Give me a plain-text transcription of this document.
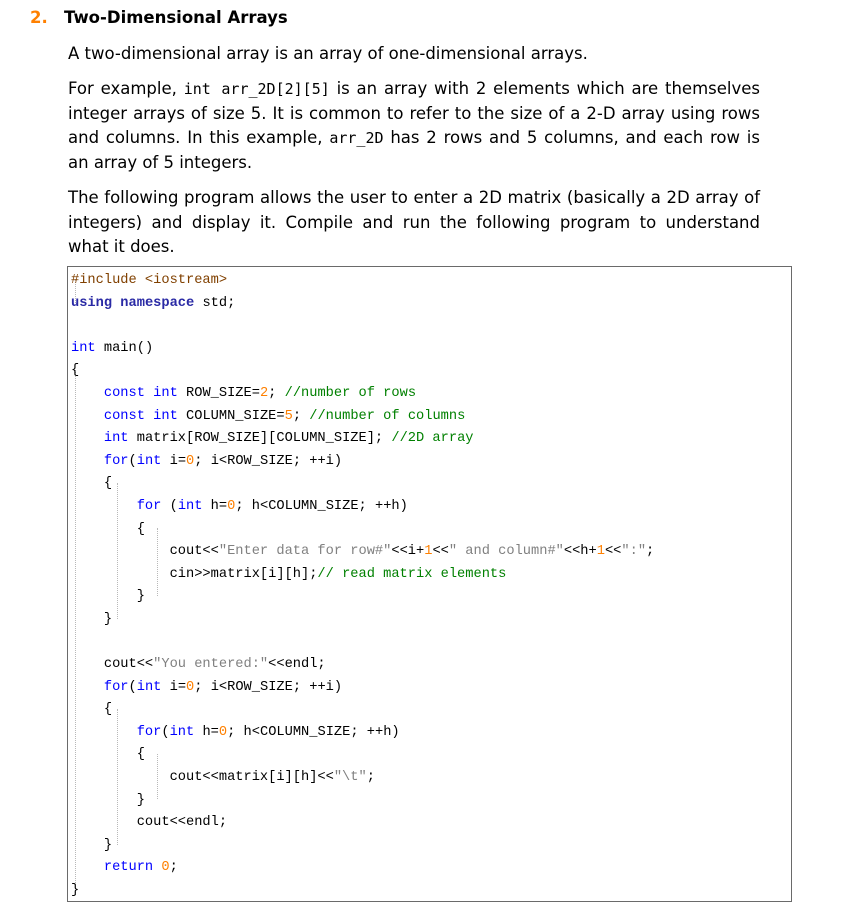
2. Two-Dimensional Arrays
A two-dimensional array is an array of one-dimensional arrays.
For example, int arr_2D[2][5] is an array with 2 elements which are themselves integer arrays of size 5. It is common to refer to the size of a 2-D array using rows and columns. In this example, arr_2D has 2 rows and 5 columns, and each row is an array of 5 integers.
The following program allows the user to enter a 2D matrix (basically a 2D array of integers) and display it. Compile and run the following program to understand what it does.
#include <iostream>
using namespace std;
int main()
{
const int ROW_SIZE=2; //number of rows
const int COLUMN_SIZE=5; //number of columns
int matrix[ROW_SIZE][COLUMN_SIZE]; //2D array
for(int i=0; i<ROW_SIZE; ++i)
{
for (int h=0; h<COLUMN_SIZE; ++h)
{
cout<<"Enter data for row#"<<i+1<<" and column#"<<h+1<<":";
cin>>matrix[i][h];// read matrix elements
}
}
cout<<"You entered:"<<endl;
for(int i=0; i<ROW_SIZE; ++i)
{
for(int h=0; h<COLUMN_SIZE; ++h)
{
cout<<matrix[i][h]<<"\t";
}
cout<<endl;
}
return 0;
}
